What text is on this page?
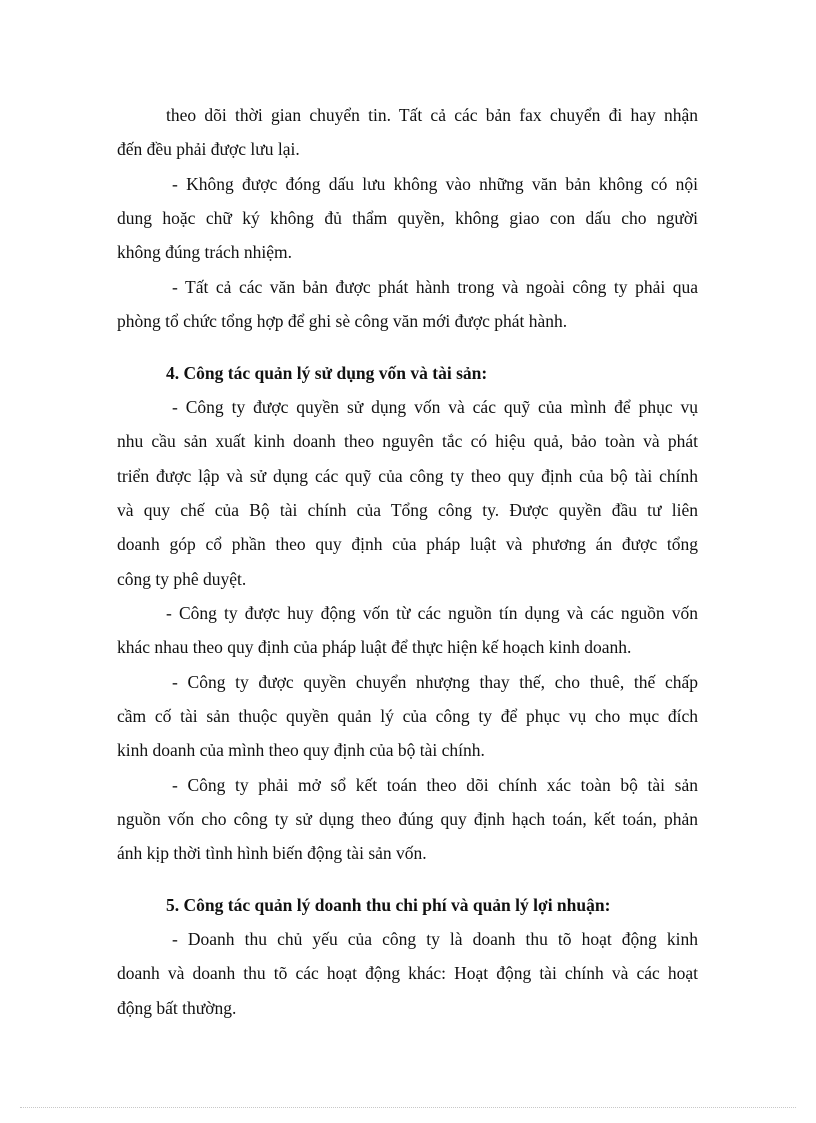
theo dõi thời gian chuyển tin. Tất cả các bản fax chuyển đi hay nhận
đến đều phải được lưu lại.
- Không được đóng dấu lưu không vào những văn bản không có nội
dung hoặc chữ ký không đủ thẩm quyền, không giao con dấu cho người
không đúng trách nhiệm.
- Tất cả các văn bản được phát hành trong và ngoài công ty phải qua
phòng tổ chức tổng hợp để ghi sè công văn mới được phát hành.
4. Công tác quản lý sử dụng vốn và tài sản:
- Công ty được quyền sử dụng vốn và các quỹ của mình để phục vụ
nhu cầu sản xuất kinh doanh theo nguyên tắc có hiệu quả, bảo toàn và phát
triển được lập và sử dụng các quỹ của công ty theo quy định của bộ tài chính
và quy chế của Bộ tài chính của Tổng công ty. Được quyền đầu tư liên
doanh góp cổ phần theo quy định của pháp luật và phương án được tổng
công ty phê duyệt.
- Công ty được huy động vốn từ các nguồn tín dụng và các nguồn vốn
khác nhau theo quy định của pháp luật để thực hiện kế hoạch kinh doanh.
- Công ty được quyền chuyển nhượng thay thế, cho thuê, thế chấp
cầm cố tài sản thuộc quyền quản lý của công ty để phục vụ cho mục đích
kinh doanh của mình theo quy định của bộ tài chính.
- Công ty phải mở sổ kết toán theo dõi chính xác toàn bộ tài sản
nguồn vốn cho công ty sử dụng theo đúng quy định hạch toán, kết toán, phản
ánh kịp thời tình hình biến động tài sản vốn.
5. Công tác quản lý doanh thu chi phí và quản lý lợi nhuận:
- Doanh thu chủ yếu của công ty là doanh thu tõ hoạt động kinh
doanh và doanh thu tõ các hoạt động khác: Hoạt động tài chính và các hoạt
động bất thường.
